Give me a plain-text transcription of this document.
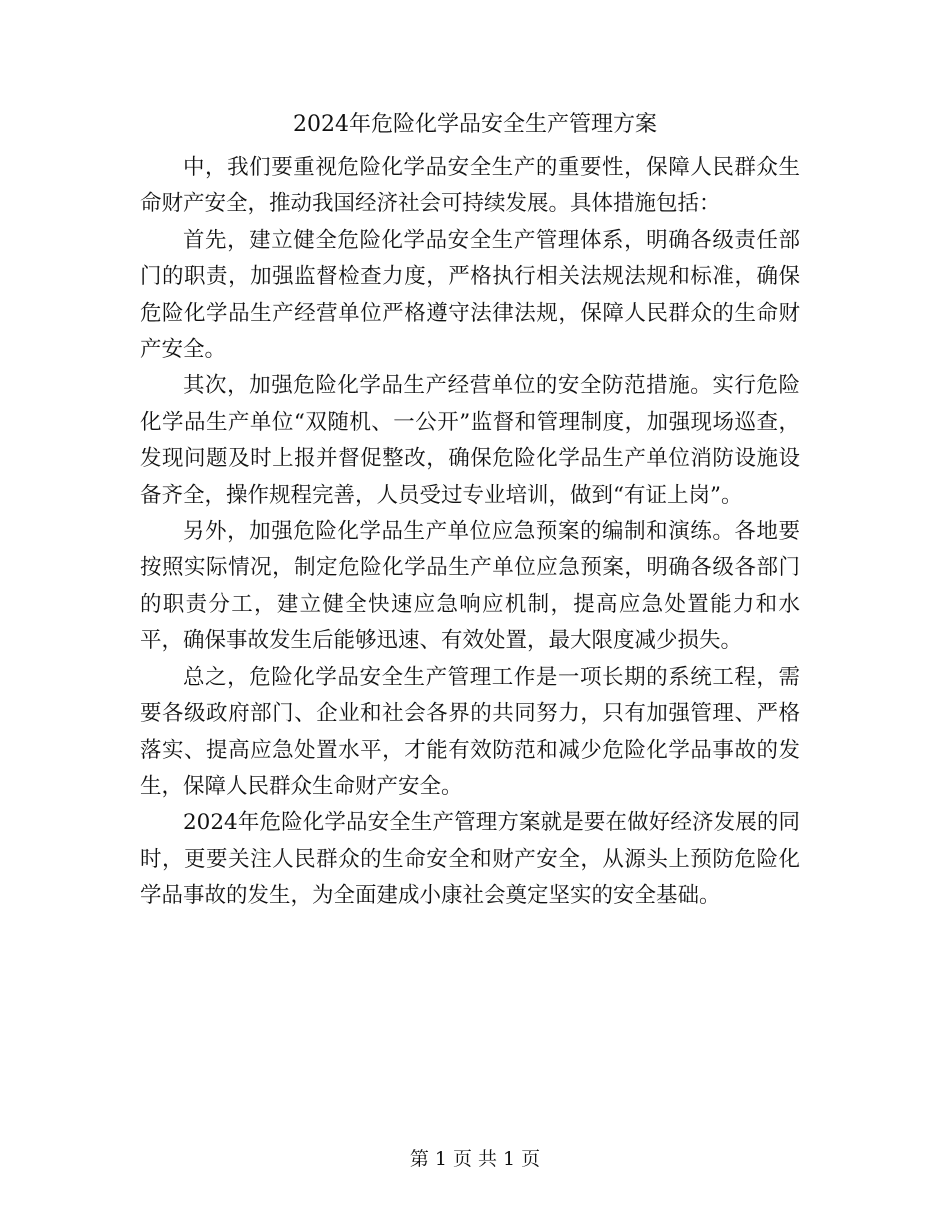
2024年危险化学品安全生产管理方案

中，我们要重视危险化学品安全生产的重要性，保障人民群众生命财产安全，推动我国经济社会可持续发展。具体措施包括：

首先，建立健全危险化学品安全生产管理体系，明确各级责任部门的职责，加强监督检查力度，严格执行相关法规法规和标准，确保危险化学品生产经营单位严格遵守法律法规，保障人民群众的生命财产安全。

其次，加强危险化学品生产经营单位的安全防范措施。实行危险化学品生产单位“双随机、一公开”监督和管理制度，加强现场巡查，发现问题及时上报并督促整改，确保危险化学品生产单位消防设施设备齐全，操作规程完善，人员受过专业培训，做到“有证上岗”。

另外，加强危险化学品生产单位应急预案的编制和演练。各地要按照实际情况，制定危险化学品生产单位应急预案，明确各级各部门的职责分工，建立健全快速应急响应机制，提高应急处置能力和水平，确保事故发生后能够迅速、有效处置，最大限度减少损失。

总之，危险化学品安全生产管理工作是一项长期的系统工程，需要各级政府部门、企业和社会各界的共同努力，只有加强管理、严格落实、提高应急处置水平，才能有效防范和减少危险化学品事故的发生，保障人民群众生命财产安全。

2024年危险化学品安全生产管理方案就是要在做好经济发展的同时，更要关注人民群众的生命安全和财产安全，从源头上预防危险化学品事故的发生，为全面建成小康社会奠定坚实的安全基础。

第 1 页 共 1 页
